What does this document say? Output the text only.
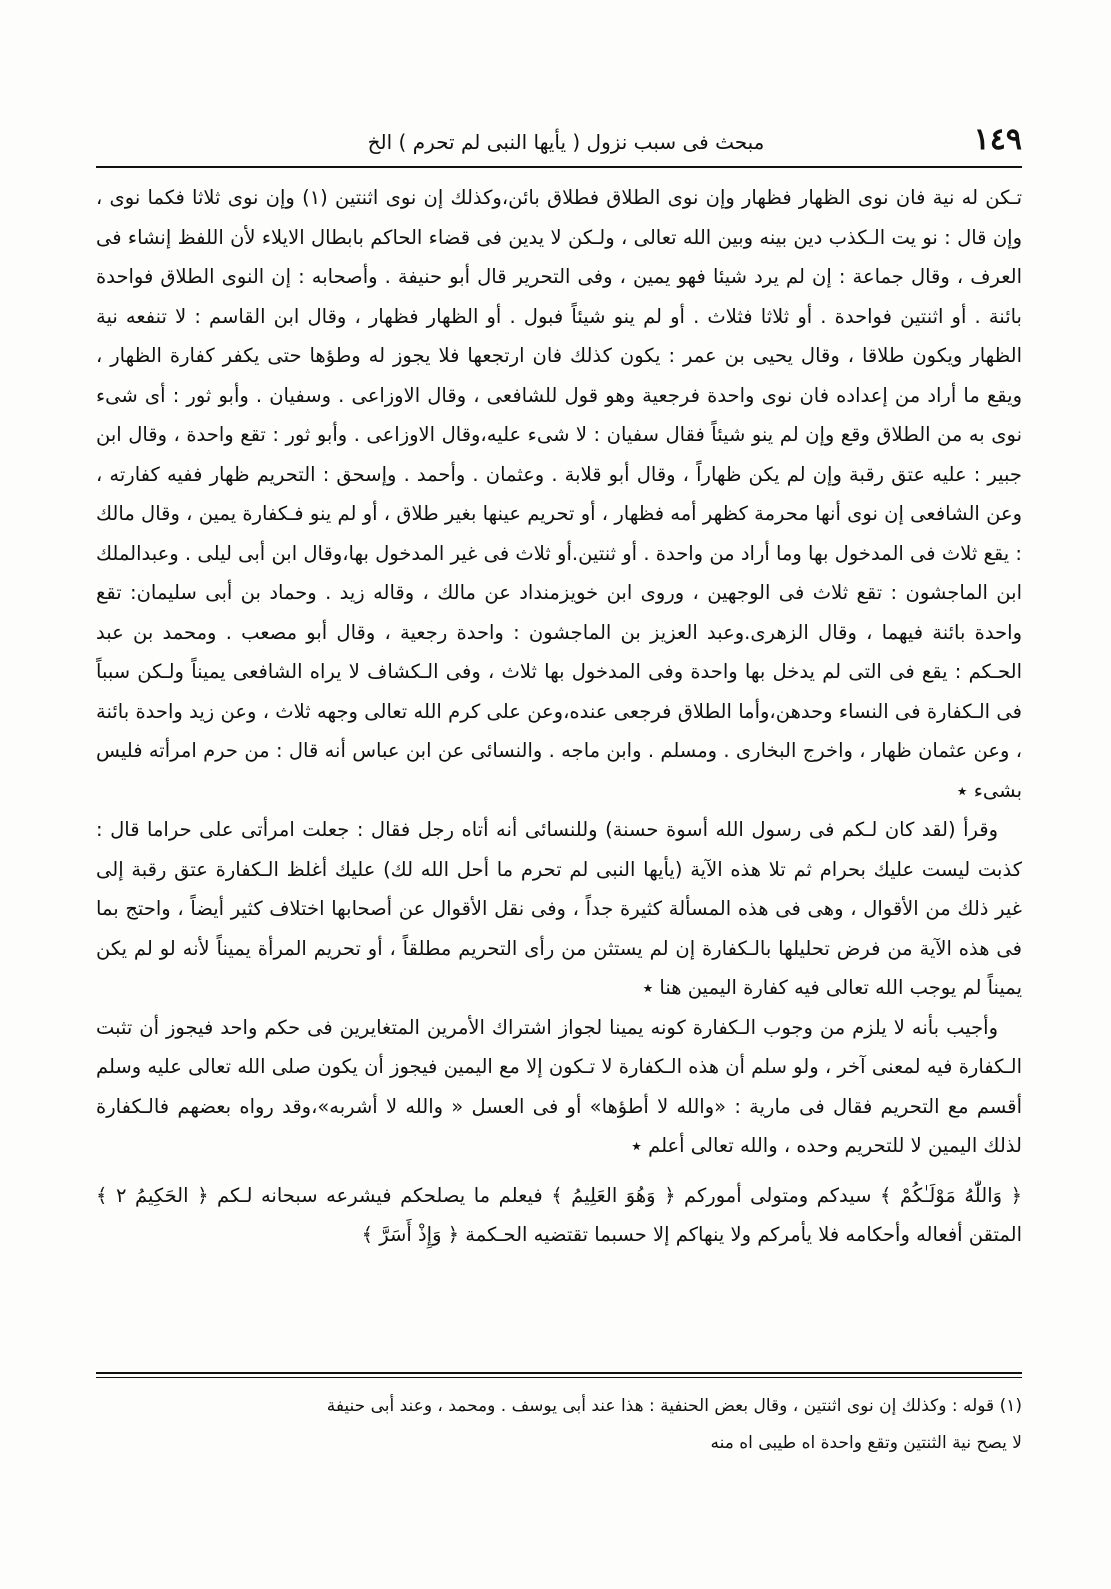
١٤٩
مبحث فى سبب نزول ( يأيها النبى لم تحرم ) الخ

تـكن له نية فان نوى الظهار فظهار وإن نوى الطلاق فطلاق بائن،وكذلك إن نوى اثنتين (١) وإن نوى ثلاثا فكما نوى ، وإن قال : نو يت الـكذب دين بينه وبين الله تعالى ، ولـكن لا يدين فى قضاء الحاكم بابطال الايلاء لأن اللفظ إنشاء فى العرف ، وقال جماعة : إن لم يرد شيئا فهو يمين ، وفى التحرير قال أبو حنيفة . وأصحابه : إن النوى الطلاق فواحدة بائنة . أو اثنتين فواحدة . أو ثلاثا فثلاث . أو لم ينو شيئاً فبول . أو الظهار فظهار ، وقال ابن القاسم : لا تنفعه نية الظهار ويكون طلاقا ، وقال يحيى بن عمر : يكون كذلك فان ارتجعها فلا يجوز له وطؤها حتى يكفر كفارة الظهار ، ويقع ما أراد من إعداده فان نوى واحدة فرجعية وهو قول للشافعى ، وقال الاوزاعى . وسفيان . وأبو ثور : أى شىء نوى به من الطلاق وقع وإن لم ينو شيئاً فقال سفيان : لا شىء عليه،وقال الاوزاعى . وأبو ثور : تقع واحدة ، وقال ابن جبير : عليه عتق رقبة وإن لم يكن ظهاراً ، وقال أبو قلابة . وعثمان . وأحمد . وإسحق : التحريم ظهار ففيه كفارته ، وعن الشافعى إن نوى أنها محرمة كظهر أمه فظهار ، أو تحريم عينها بغير طلاق ، أو لم ينو فـكفارة يمين ، وقال مالك : يقع ثلاث فى المدخول بها وما أراد من واحدة . أو ثنتين.أو ثلاث فى غير المدخول بها،وقال ابن أبى ليلى . وعبدالملك ابن الماجشون : تقع ثلاث فى الوجهين ، وروى ابن خويزمنداد عن مالك ، وقاله زيد . وحماد بن أبى سليمان: تقع واحدة بائنة فيهما ، وقال الزهرى.وعبد العزيز بن الماجشون : واحدة رجعية ، وقال أبو مصعب . ومحمد بن عبد الحـكم : يقع فى التى لم يدخل بها واحدة وفى المدخول بها ثلاث ، وفى الـكشاف لا يراه الشافعى يميناً ولـكن سبباً فى الـكفارة فى النساء وحدهن،وأما الطلاق فرجعى عنده،وعن على كرم الله تعالى وجهه ثلاث ، وعن زيد واحدة بائنة ، وعن عثمان ظهار ، واخرج البخارى . ومسلم . وابن ماجه . والنسائى عن ابن عباس أنه قال : من حرم امرأته فليس بشىء ٭

وقرأ (لقد كان لـكم فى رسول الله أسوة حسنة) وللنسائى أنه أتاه رجل فقال : جعلت امرأتى على حراما قال : كذبت ليست عليك بحرام ثم تلا هذه الآية (يأيها النبى لم تحرم ما أحل الله لك) عليك أغلظ الـكفارة عتق رقبة إلى غير ذلك من الأقوال ، وهى فى هذه المسألة كثيرة جداً ، وفى نقل الأقوال عن أصحابها اختلاف كثير أيضاً ، واحتج بما فى هذه الآية من فرض تحليلها بالـكفارة إن لم يستثن من رأى التحريم مطلقاً ، أو تحريم المرأة يميناً لأنه لو لم يكن يميناً لم يوجب الله تعالى فيه كفارة اليمين هنا ٭

وأجيب بأنه لا يلزم من وجوب الـكفارة كونه يمينا لجواز اشتراك الأمرين المتغايرين فى حكم واحد فيجوز أن تثبت الـكفارة فيه لمعنى آخر ، ولو سلم أن هذه الـكفارة لا تـكون إلا مع اليمين فيجوز أن يكون صلى الله تعالى عليه وسلم أقسم مع التحريم فقال فى مارية : «والله لا أطؤها» أو فى العسل « والله لا أشربه»،وقد رواه بعضهم فالـكفارة لذلك اليمين لا للتحريم وحده ، والله تعالى أعلم ٭

﴿ وَاللّٰهُ مَوْلَـٰكُمْ ﴾ سيدكم ومتولى أموركم ﴿ وَهُوَ العَلِيمُ ﴾ فيعلم ما يصلحكم فيشرعه سبحانه لـكم ﴿ الحَكِيمُ ٢ ﴾ المتقن أفعاله وأحكامه فلا يأمركم ولا ينهاكم إلا حسبما تقتضيه الحـكمة ﴿ وَإِذْ أَسَرَّ ﴾

(١) قوله : وكذلك إن نوى اثنتين ، وقال بعض الحنفية : هذا عند أبى يوسف . ومحمد ، وعند أبى حنيفة

لا يصح نية الثنتين وتقع واحدة اه طيبى اه منه
